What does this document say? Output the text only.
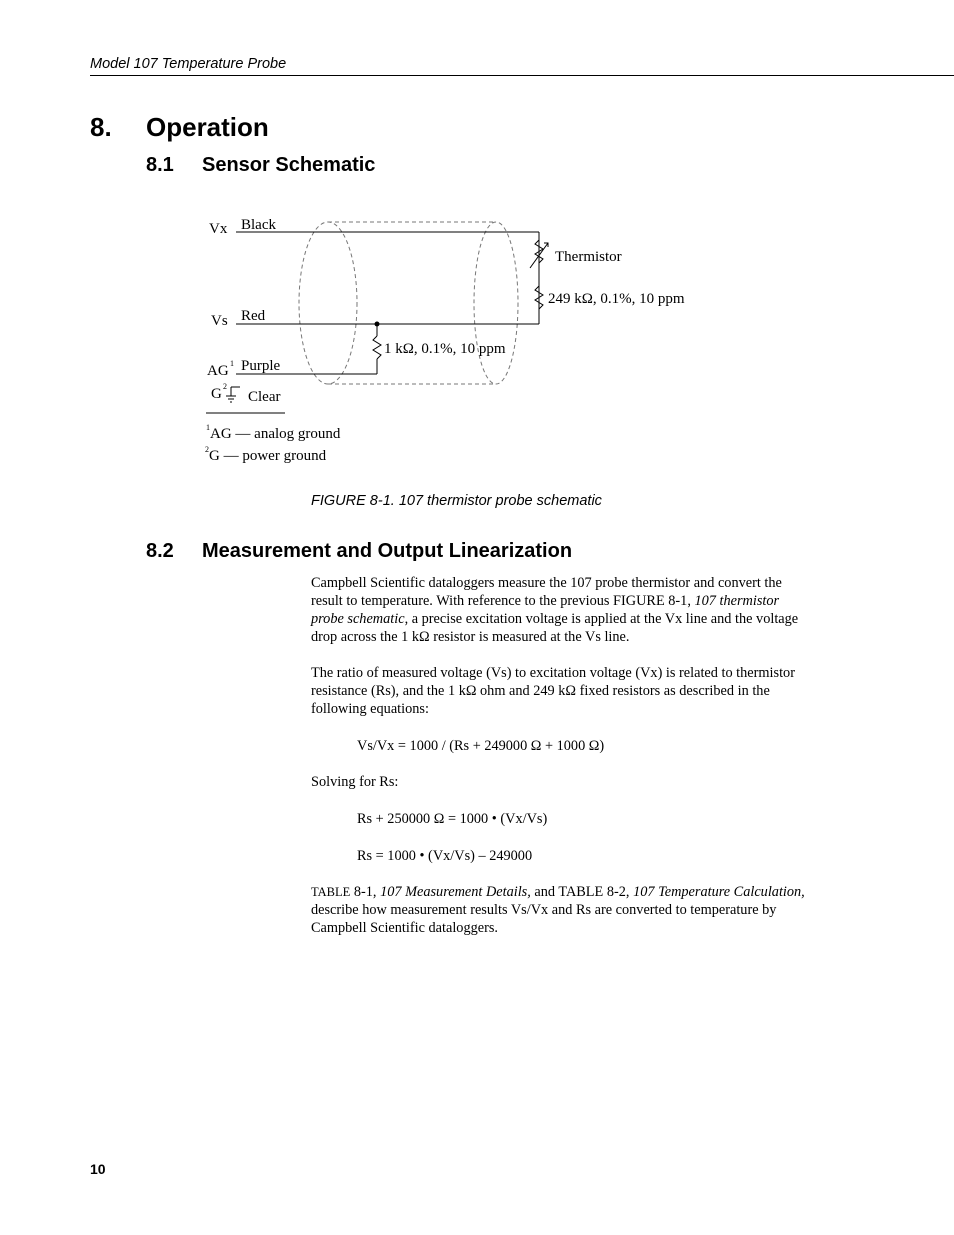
Model 107 Temperature Probe
8. Operation
8.1 Sensor Schematic
Vx Black
Vs Red
AG 1 Purple
G 2
Clear
Thermistor
249 kΩ, 0.1%, 10 ppm
1 kΩ, 0.1%, 10 ppm
1 AG — analog ground
2 G — power ground
FIGURE 8-1. 107 thermistor probe schematic
8.2 Measurement and Output Linearization
Campbell Scientific dataloggers measure the 107 probe thermistor and convert the result to temperature. With reference to the previous FIGURE 8-1, 107 thermistor probe schematic, a precise excitation voltage is applied at the Vx line and the voltage drop across the 1 kΩ resistor is measured at the Vs line.
The ratio of measured voltage (Vs) to excitation voltage (Vx) is related to thermistor resistance (Rs), and the 1 kΩ ohm and 249 kΩ fixed resistors as described in the following equations:
Vs/Vx = 1000 / (Rs + 249000 Ω + 1000 Ω)
Solving for Rs:
Rs + 250000 Ω = 1000 • (Vx/Vs)
Rs = 1000 • (Vx/Vs) – 249000
TABLE 8-1, 107 Measurement Details, and TABLE 8-2, 107 Temperature Calculation, describe how measurement results Vs/Vx and Rs are converted to temperature by Campbell Scientific dataloggers.
10
